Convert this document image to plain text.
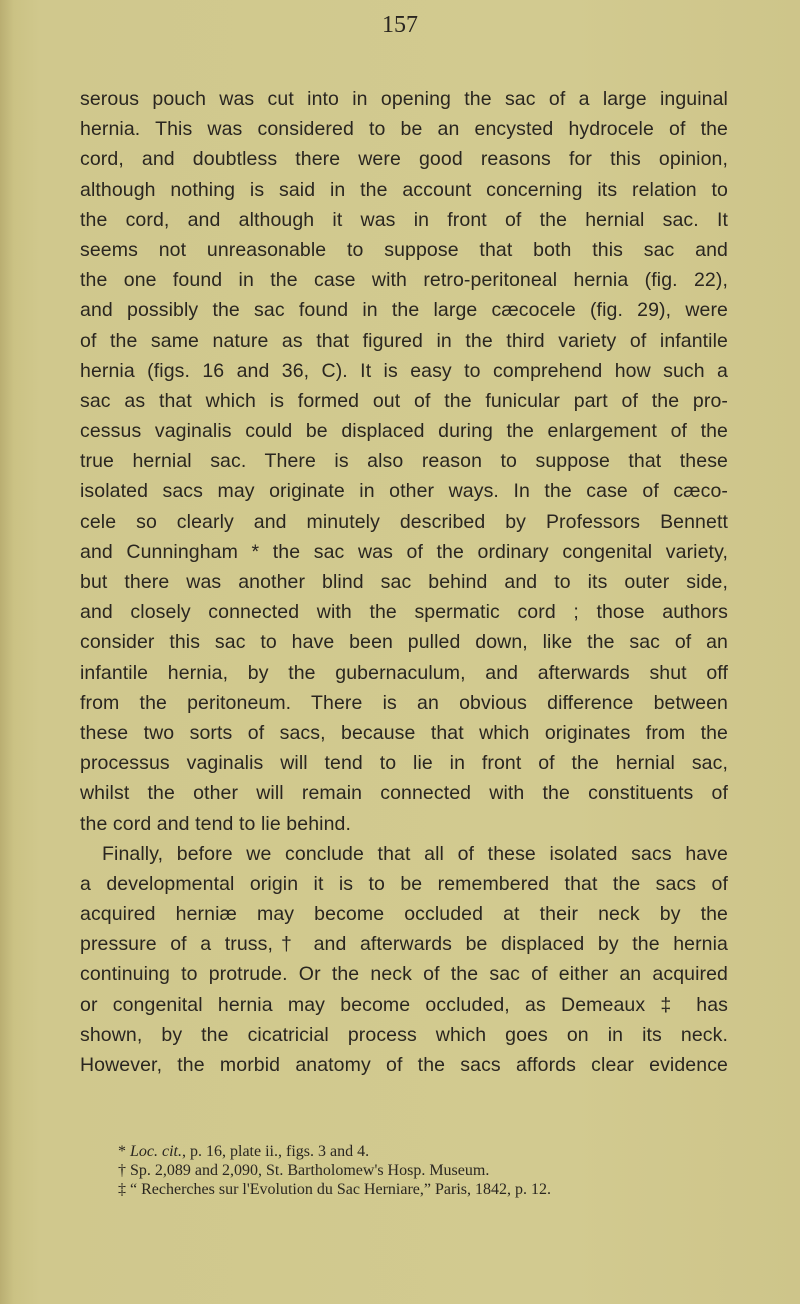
157
serous pouch was cut into in opening the sac of a large inguinal
hernia. This was considered to be an encysted hydrocele of the
cord, and doubtless there were good reasons for this opinion,
although nothing is said in the account concerning its relation to
the cord, and although it was in front of the hernial sac. It
seems not unreasonable to suppose that both this sac and
the one found in the case with retro-peritoneal hernia (fig. 22),
and possibly the sac found in the large cæcocele (fig. 29), were
of the same nature as that figured in the third variety of infantile
hernia (figs. 16 and 36, C). It is easy to comprehend how such a
sac as that which is formed out of the funicular part of the pro-
cessus vaginalis could be displaced during the enlargement of the
true hernial sac. There is also reason to suppose that these
isolated sacs may originate in other ways. In the case of cæco-
cele so clearly and minutely described by Professors Bennett
and Cunningham * the sac was of the ordinary congenital variety,
but there was another blind sac behind and to its outer side,
and closely connected with the spermatic cord ; those authors
consider this sac to have been pulled down, like the sac of an
infantile hernia, by the gubernaculum, and afterwards shut off
from the peritoneum. There is an obvious difference between
these two sorts of sacs, because that which originates from the
processus vaginalis will tend to lie in front of the hernial sac,
whilst the other will remain connected with the constituents of
the cord and tend to lie behind.
Finally, before we conclude that all of these isolated sacs have
a developmental origin it is to be remembered that the sacs of
acquired herniæ may become occluded at their neck by the
pressure of a truss,† and afterwards be displaced by the hernia
continuing to protrude. Or the neck of the sac of either an acquired
or congenital hernia may become occluded, as Demeaux ‡ has
shown, by the cicatricial process which goes on in its neck.
However, the morbid anatomy of the sacs affords clear evidence
* Loc. cit., p. 16, plate ii., figs. 3 and 4.
† Sp. 2,089 and 2,090, St. Bartholomew's Hosp. Museum.
‡ “ Recherches sur l'Evolution du Sac Herniare,” Paris, 1842, p. 12.
